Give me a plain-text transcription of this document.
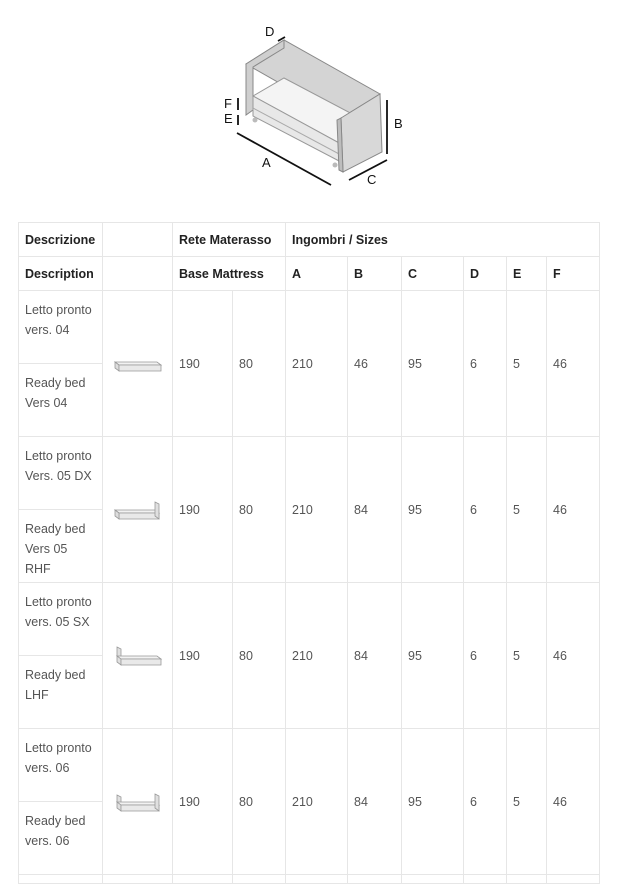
A
B
C
D
E
F
Descrizione		Rete Materasso		Ingombri / Sizes					
Description		Base Mattress		A	B	C	D	E	F
Letto pronto vers. 04		190	80	210	46	95	6	5	46
Ready bed Vers 04									
Letto pronto Vers. 05 DX		190	80	210	84	95	6	5	46
Ready bed Vers 05 RHF									
Letto pronto vers. 05 SX		190	80	210	84	95	6	5	46
Ready bed LHF									
Letto pronto vers. 06		190	80	210	84	95	6	5	46
Ready bed vers. 06									
